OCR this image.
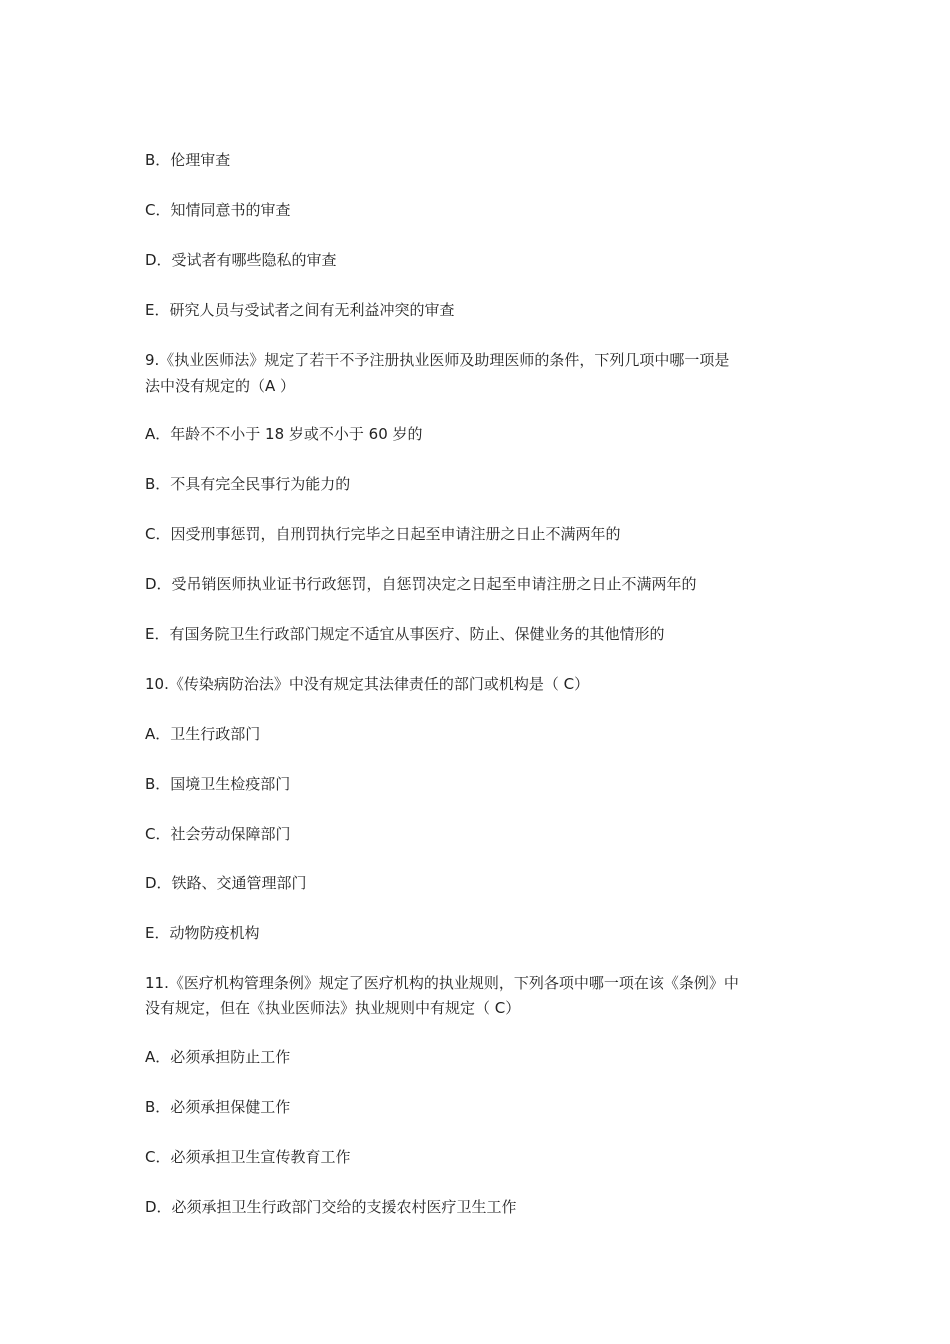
B．伦理审查
C．知情同意书的审查
D．受试者有哪些隐私的审查
E．研究人员与受试者之间有无利益冲突的审查
9.《执业医师法》规定了若干不予注册执业医师及助理医师的条件，下列几项中哪一项是
法中没有规定的（A ）
A．年龄不不小于 18 岁或不小于 60 岁的
B．不具有完全民事行为能力的
C．因受刑事惩罚，自刑罚执行完毕之日起至申请注册之日止不满两年的
D．受吊销医师执业证书行政惩罚，自惩罚决定之日起至申请注册之日止不满两年的
E．有国务院卫生行政部门规定不适宜从事医疗、防止、保健业务的其他情形的
10.《传染病防治法》中没有规定其法律责任的部门或机构是（ C）
A．卫生行政部门
B．国境卫生检疫部门
C．社会劳动保障部门
D．铁路、交通管理部门
E．动物防疫机构
11.《医疗机构管理条例》规定了医疗机构的执业规则，下列各项中哪一项在该《条例》中
没有规定，但在《执业医师法》执业规则中有规定（ C）
A．必须承担防止工作
B．必须承担保健工作
C．必须承担卫生宣传教育工作
D．必须承担卫生行政部门交给的支援农村医疗卫生工作
